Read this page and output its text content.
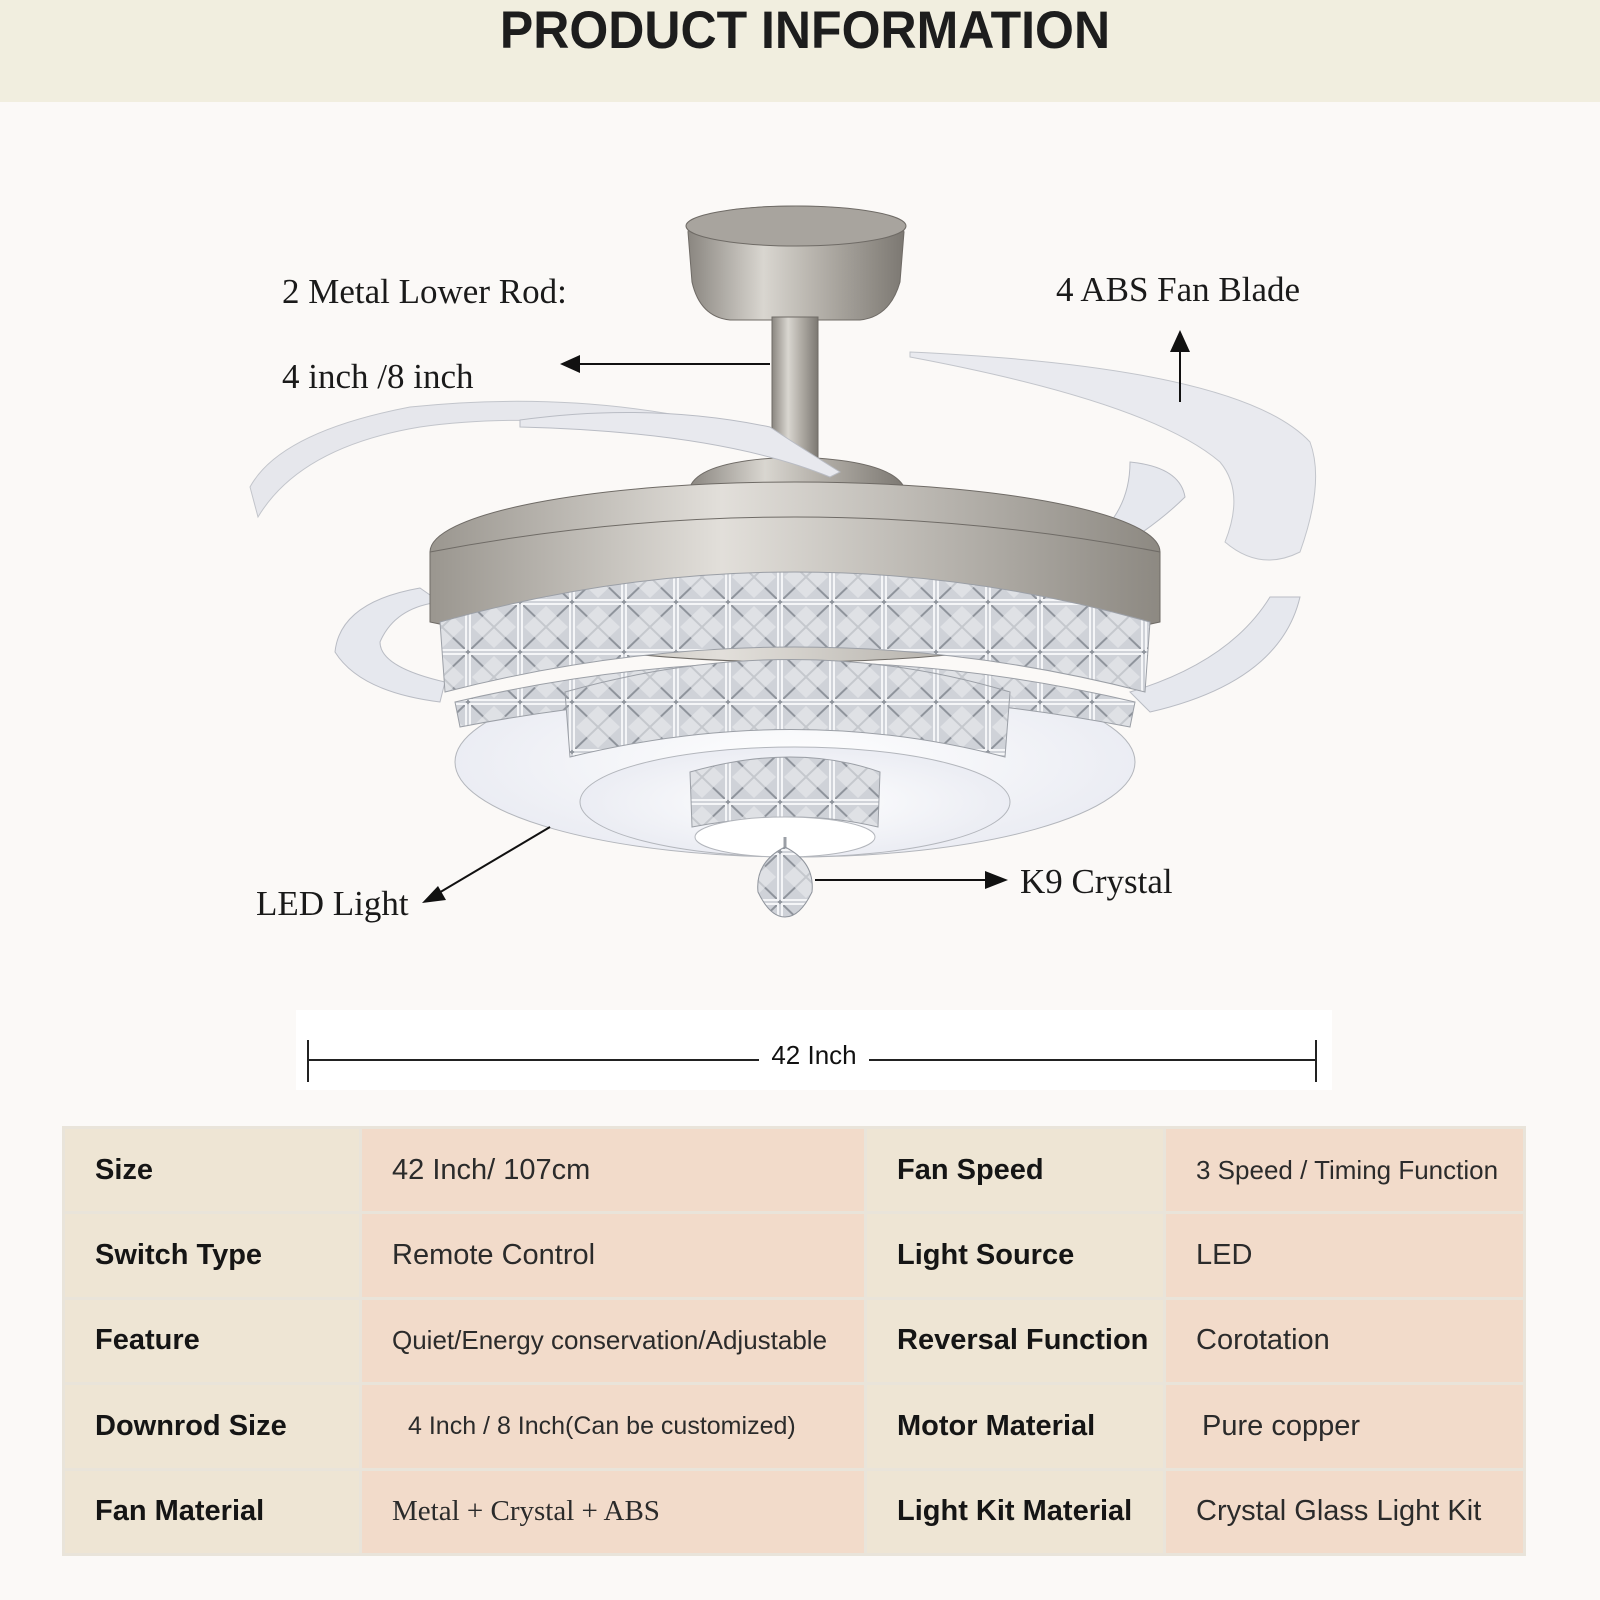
PRODUCT INFORMATION
2 Metal Lower Rod:
4 inch /8 inch
4 ABS Fan Blade
LED Light
K9 Crystal
42 Inch
Size	42 Inch/ 107cm	Fan Speed	3 Speed / Timing Function
Switch Type	Remote Control	Light Source	LED
Feature	Quiet/Energy conservation/Adjustable	Reversal Function	Corotation
Downrod Size	4 Inch / 8 Inch(Can be customized)	Motor Material	Pure copper
Fan Material	Metal + Crystal + ABS	Light Kit Material	Crystal Glass Light Kit
